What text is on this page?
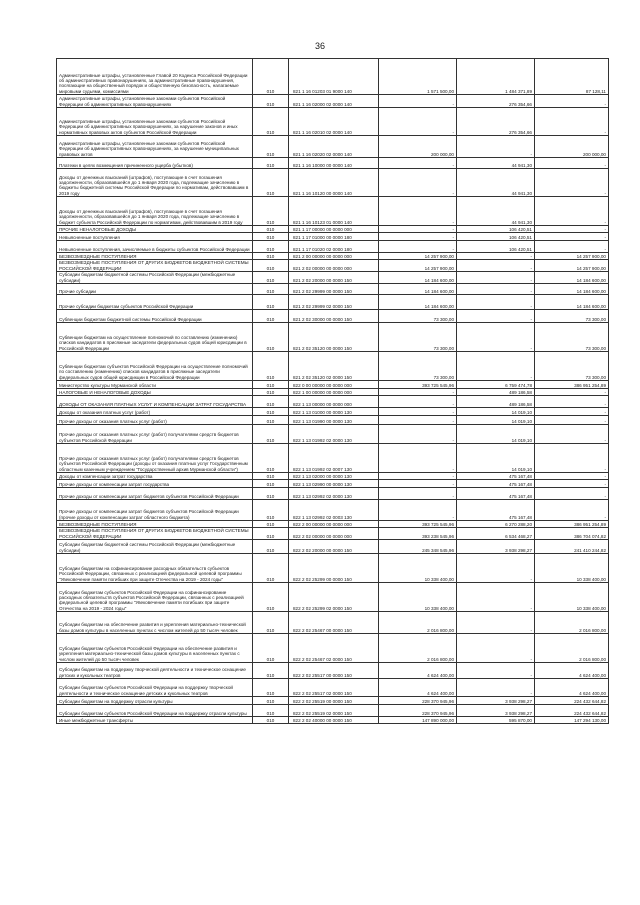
36
Административные штрафы, установленные Главой 20 Кодекса Российской Федерации об административных правонарушениях, за административные правонарушения, посягающие на общественный порядок и общественную безопасность, налагаемые мировыми судьями, комиссиями	010	821 1 16 01203 01 9000 140	1 571 500,00	1 484 371,89	87 128,11
Административные штрафы, установленные законами субъектов Российской Федерации об административных правонарушениях	010	821 1 16 02000 02 0000 140	-	276 354,66	-
Административные штрафы, установленные законами субъектов Российской Федерации об административных правонарушениях, за нарушение законов и иных нормативных правовых актов субъектов Российской Федерации	010	821 1 16 02010 02 0000 140	-	276 354,66	-
Административные штрафы, установленные законами субъектов Российской Федерации об административных правонарушениях, за нарушение муниципальных правовых актов	010	821 1 16 02020 02 0000 140	200 000,00	-	200 000,00
Платежи в целях возмещения причиненного ущерба (убытков)	010	821 1 16 10000 00 0000 140	-	44 941,30	-
Доходы от денежных взысканий (штрафов), поступающие в счет погашения задолженности, образовавшейся до 1 января 2020 года, подлежащие зачислению в бюджеты бюджетной системы Российской Федерации по нормативам, действовавшим в 2019 году	010	821 1 16 10120 00 0000 140	-	44 941,30	-
Доходы от денежных взысканий (штрафов), поступающие в счет погашения задолженности, образовавшейся до 1 января 2020 года, подлежащие зачислению в бюджет субъекта Российской Федерации по нормативам, действовавшим в 2019 году	010	821 1 16 10123 01 0000 140	-	44 941,30	-
ПРОЧИЕ НЕНАЛОГОВЫЕ ДОХОДЫ	010	821 1 17 00000 00 0000 000	-	106 420,51	-
Невыясненные поступления	010	821 1 17 01000 00 0000 180	-	106 420,51	-
Невыясненные поступления, зачисляемые в бюджеты субъектов Российской Федерации	010	821 1 17 01020 02 0000 180	-	106 420,51	-
БЕЗВОЗМЕЗДНЫЕ ПОСТУПЛЕНИЯ	010	821 2 00 00000 00 0000 000	14 257 900,00	-	14 257 900,00
БЕЗВОЗМЕЗДНЫЕ ПОСТУПЛЕНИЯ ОТ ДРУГИХ БЮДЖЕТОВ БЮДЖЕТНОЙ СИСТЕМЫ РОССИЙСКОЙ ФЕДЕРАЦИИ	010	821 2 02 00000 00 0000 000	14 257 900,00	-	14 257 900,00
Субсидии бюджетам бюджетной системы Российской Федерации (межбюджетные субсидии)	010	821 2 02 20000 00 0000 150	14 184 600,00	-	14 184 600,00
Прочие субсидии	010	821 2 02 29999 00 0000 150	14 184 600,00	-	14 184 600,00
Прочие субсидии бюджетам субъектов Российской Федерации	010	821 2 02 29999 02 0000 150	14 184 600,00	-	14 184 600,00
Субвенции бюджетам бюджетной системы Российской Федерации	010	821 2 02 30000 00 0000 150	73 300,00	-	73 300,00
Субвенции бюджетам на осуществление полномочий по составлению (изменению) списков кандидатов в присяжные заседатели федеральных судов общей юрисдикции в Российской Федерации	010	821 2 02 35120 00 0000 150	73 300,00	-	73 300,00
Субвенции бюджетам субъектов Российской Федерации на осуществление полномочий по составлению (изменению) списков кандидатов в присяжные заседатели федеральных судов общей юрисдикции в Российской Федерации	010	821 2 02 35120 02 0000 150	73 300,00	-	73 300,00
Министерство культуры Мурманской области	010	822 0 00 00000 00 0000 000	393 725 545,96	6 759 474,78	386 951 254,89
НАЛОГОВЫЕ И НЕНАЛОГОВЫЕ ДОХОДЫ	010	822 1 00 00000 00 0000 000	-	489 186,58	-
ДОХОДЫ ОТ ОКАЗАНИЯ ПЛАТНЫХ УСЛУГ И КОМПЕНСАЦИИ ЗАТРАТ ГОСУДАРСТВА	010	822 1 13 00000 00 0000 000	-	489 186,58	-
Доходы от оказания платных услуг (работ)	010	822 1 13 01000 00 0000 130	-	14 019,10	-
Прочие доходы от оказания платных услуг (работ)	010	822 1 13 01990 00 0000 130	-	14 019,10	-
Прочие доходы от оказания платных услуг (работ) получателями средств бюджетов субъектов Российской Федерации	010	822 1 13 01992 02 0000 130	-	14 019,10	-
Прочие доходы от оказания платных услуг (работ) получателями средств бюджетов субъектов Российской Федерации (доходы от оказания платных услуг Государственным областным казенным учреждением "Государственный архив Мурманской области")	010	822 1 13 01992 02 0007 130	-	14 019,10	-
Доходы от компенсации затрат государства	010	822 1 13 02000 00 0000 130	-	475 167,48	-
Прочие доходы от компенсации затрат государства	010	822 1 13 02990 00 0000 130	-	475 167,48	-
Прочие доходы от компенсации затрат бюджетов субъектов Российской Федерации	010	822 1 13 02992 02 0000 130	-	475 167,48	-
Прочие доходы от компенсации затрат бюджетов субъектов Российской Федерации (прочие доходы от компенсации затрат областного бюджета)	010	822 1 13 02992 02 0003 130	-	475 167,48	-
БЕЗВОЗМЕЗДНЫЕ ПОСТУПЛЕНИЯ	010	822 2 00 00000 00 0000 000	393 725 545,96	6 270 288,20	386 951 254,89
БЕЗВОЗМЕЗДНЫЕ ПОСТУПЛЕНИЯ ОТ ДРУГИХ БЮДЖЕТОВ БЮДЖЕТНОЙ СИСТЕМЫ РОССИЙСКОЙ ФЕДЕРАЦИИ	010	822 2 02 00000 00 0000 000	393 238 545,96	6 534 468,27	386 704 074,82
Субсидии бюджетам бюджетной системы Российской Федерации (межбюджетные субсидии)	010	822 2 02 20000 00 0000 150	245 348 545,96	3 938 298,27	241 410 244,82
Субсидии бюджетам на софинансирование расходных обязательств субъектов Российской Федерации, связанных с реализацией федеральной целевой программы "Увековечение памяти погибших при защите Отечества на 2019 - 2024 годы"	010	822 2 02 25299 00 0000 150	10 338 400,00	-	10 338 400,00
Субсидии бюджетам субъектов Российской Федерации на софинансирование расходных обязательств субъектов Российской Федерации, связанных с реализацией федеральной целевой программы "Увековечение памяти погибших при защите Отечества на 2019 - 2024 годы"	010	822 2 02 25299 02 0000 150	10 338 400,00	-	10 338 400,00
Субсидии бюджетам на обеспечение развития и укрепления материально-технической базы домов культуры в населенных пунктах с числом жителей до 50 тысяч человек	010	822 2 02 25467 00 0000 150	2 016 800,00	-	2 016 800,00
Субсидии бюджетам субъектов Российской Федерации на обеспечение развития и укрепления материально-технической базы домов культуры в населенных пунктах с числом жителей до 50 тысяч человек	010	822 2 02 25467 02 0000 150	2 016 800,00	-	2 016 800,00
Субсидии бюджетам на поддержку творческой деятельности и техническое оснащение детских и кукольных театров	010	822 2 02 25517 00 0000 150	4 624 400,00	-	4 624 400,00
Субсидии бюджетам субъектов Российской Федерации на поддержку творческой деятельности и техническое оснащение детских и кукольных театров	010	822 2 02 25517 02 0000 150	4 624 400,00	-	4 624 400,00
Субсидии бюджетам на поддержку отрасли культуры	010	822 2 02 25519 00 0000 150	228 370 945,96	3 938 298,27	224 432 644,82
Субсидии бюджетам субъектов Российской Федерации на поддержку отрасли культуры	010	822 2 02 25519 02 0000 150	228 370 945,96	3 938 298,27	224 432 644,82
Иные межбюджетные трансферты	010	822 2 02 40000 00 0000 150	147 890 000,00	595 870,00	147 294 130,00
